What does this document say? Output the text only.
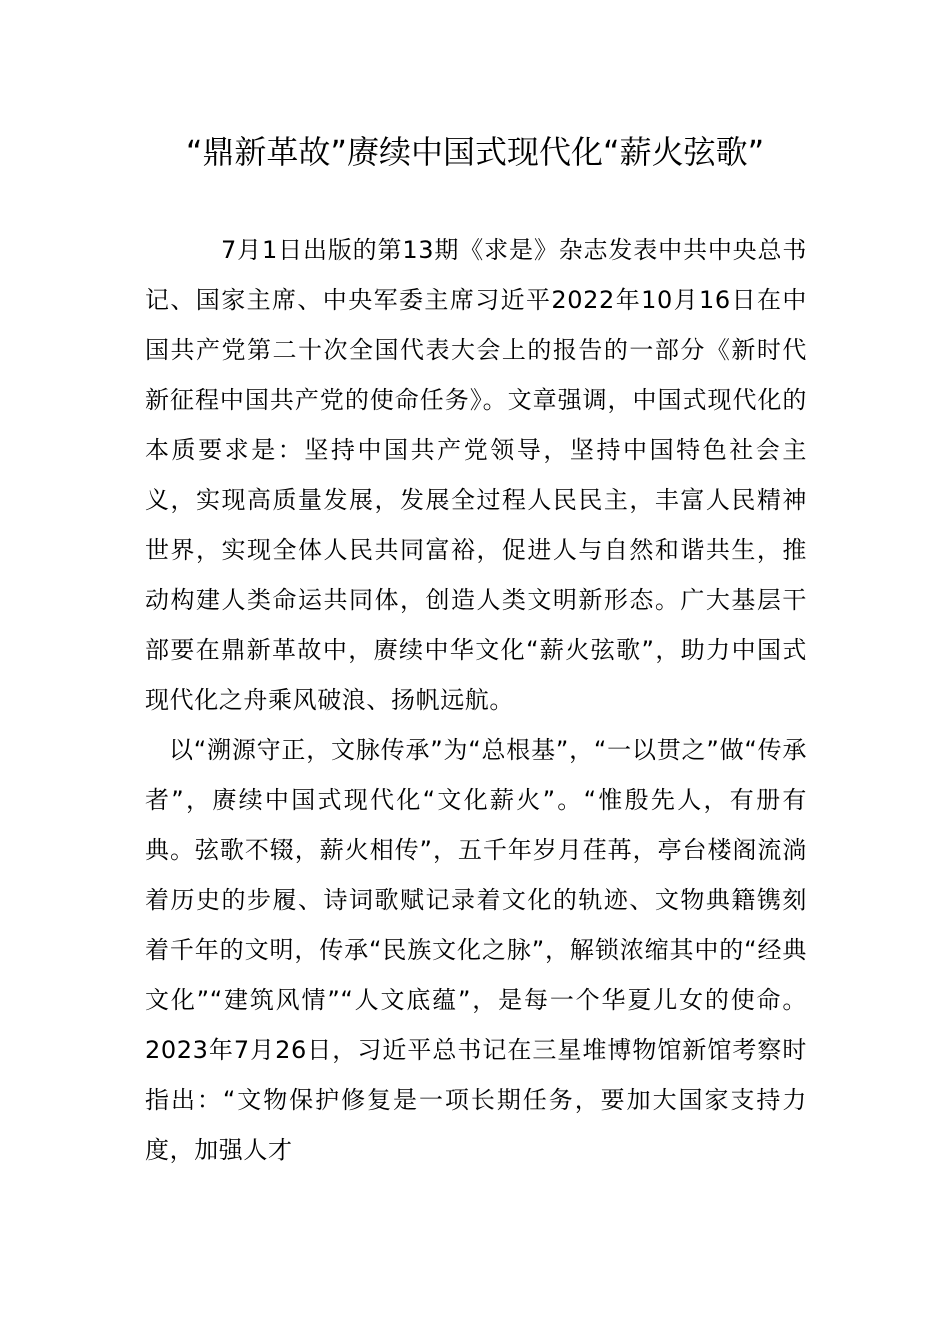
“鼎新革故”赓续中国式现代化“薪火弦歌”

7月1日出版的第13期《求是》杂志发表中共中央总书记、国家主席、中央军委主席习近平2022年10月16日在中国共产党第二十次全国代表大会上的报告的一部分《新时代新征程中国共产党的使命任务》。文章强调，中国式现代化的本质要求是：坚持中国共产党领导，坚持中国特色社会主义，实现高质量发展，发展全过程人民民主，丰富人民精神世界，实现全体人民共同富裕，促进人与自然和谐共生，推动构建人类命运共同体，创造人类文明新形态。广大基层干部要在鼎新革故中，赓续中华文化“薪火弦歌”，助力中国式现代化之舟乘风破浪、扬帆远航。

以“溯源守正，文脉传承”为“总根基”，“一以贯之”做“传承者”，赓续中国式现代化“文化薪火”。“惟殷先人，有册有典。弦歌不辍，薪火相传”，五千年岁月荏苒，亭台楼阁流淌着历史的步履、诗词歌赋记录着文化的轨迹、文物典籍镌刻着千年的文明，传承“民族文化之脉”，解锁浓缩其中的“经典文化”“建筑风情”“人文底蕴”，是每一个华夏儿女的使命。2023年7月26日，习近平总书记在三星堆博物馆新馆考察时指出：“文物保护修复是一项长期任务，要加大国家支持力度，加强人才
